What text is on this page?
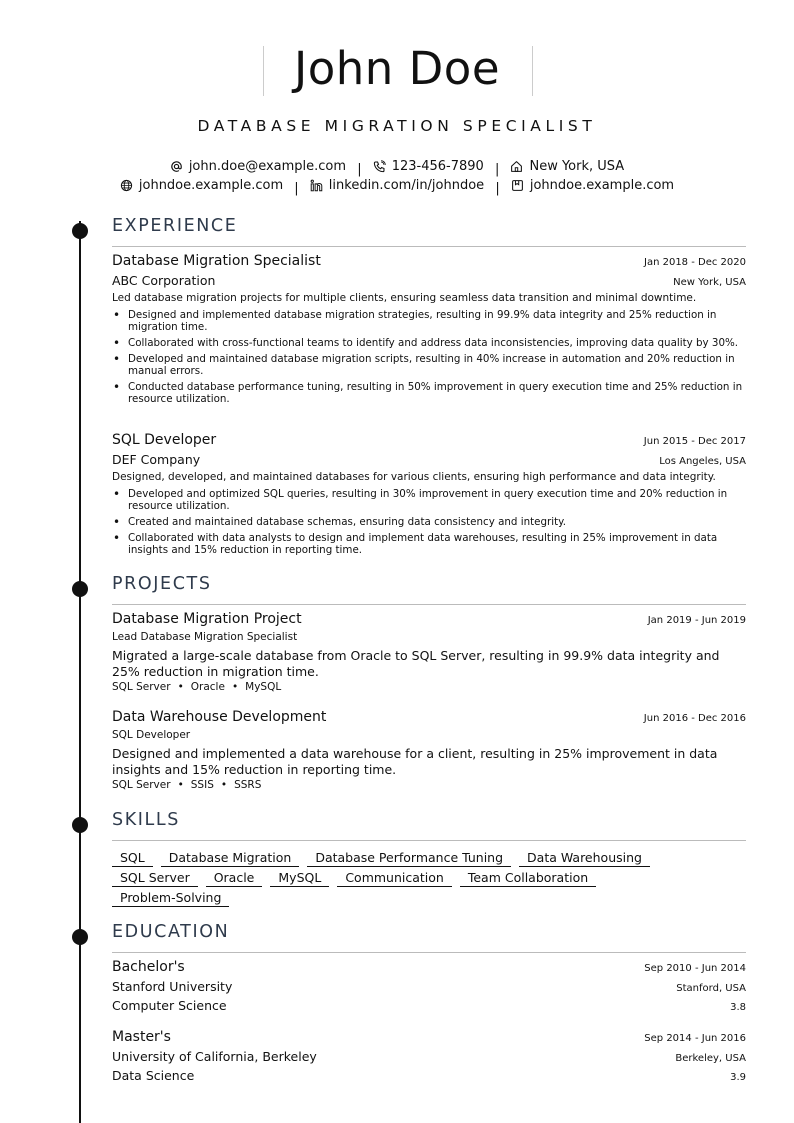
John Doe
DATABASE MIGRATION SPECIALIST
john.doe@example.com | 123-456-7890 | New York, USA
johndoe.example.com | linkedin.com/in/johndoe | johndoe.example.com
EXPERIENCE
Database Migration Specialist	Jan 2018 - Dec 2020
ABC Corporation	New York, USA
Led database migration projects for multiple clients, ensuring seamless data transition and minimal downtime.
• Designed and implemented database migration strategies, resulting in 99.9% data integrity and 25% reduction in migration time.
• Collaborated with cross-functional teams to identify and address data inconsistencies, improving data quality by 30%.
• Developed and maintained database migration scripts, resulting in 40% increase in automation and 20% reduction in manual errors.
• Conducted database performance tuning, resulting in 50% improvement in query execution time and 25% reduction in resource utilization.
SQL Developer	Jun 2015 - Dec 2017
DEF Company	Los Angeles, USA
Designed, developed, and maintained databases for various clients, ensuring high performance and data integrity.
• Developed and optimized SQL queries, resulting in 30% improvement in query execution time and 20% reduction in resource utilization.
• Created and maintained database schemas, ensuring data consistency and integrity.
• Collaborated with data analysts to design and implement data warehouses, resulting in 25% improvement in data insights and 15% reduction in reporting time.
PROJECTS
Database Migration Project	Jan 2019 - Jun 2019
Lead Database Migration Specialist
Migrated a large-scale database from Oracle to SQL Server, resulting in 99.9% data integrity and 25% reduction in migration time.
SQL Server • Oracle • MySQL
Data Warehouse Development	Jun 2016 - Dec 2016
SQL Developer
Designed and implemented a data warehouse for a client, resulting in 25% improvement in data insights and 15% reduction in reporting time.
SQL Server • SSIS • SSRS
SKILLS
SQL Database Migration Database Performance Tuning Data Warehousing
SQL Server Oracle MySQL Communication Team Collaboration
Problem-Solving
EDUCATION
Bachelor's	Sep 2010 - Jun 2014
Stanford University	Stanford, USA
Computer Science	3.8
Master's	Sep 2014 - Jun 2016
University of California, Berkeley	Berkeley, USA
Data Science	3.9
